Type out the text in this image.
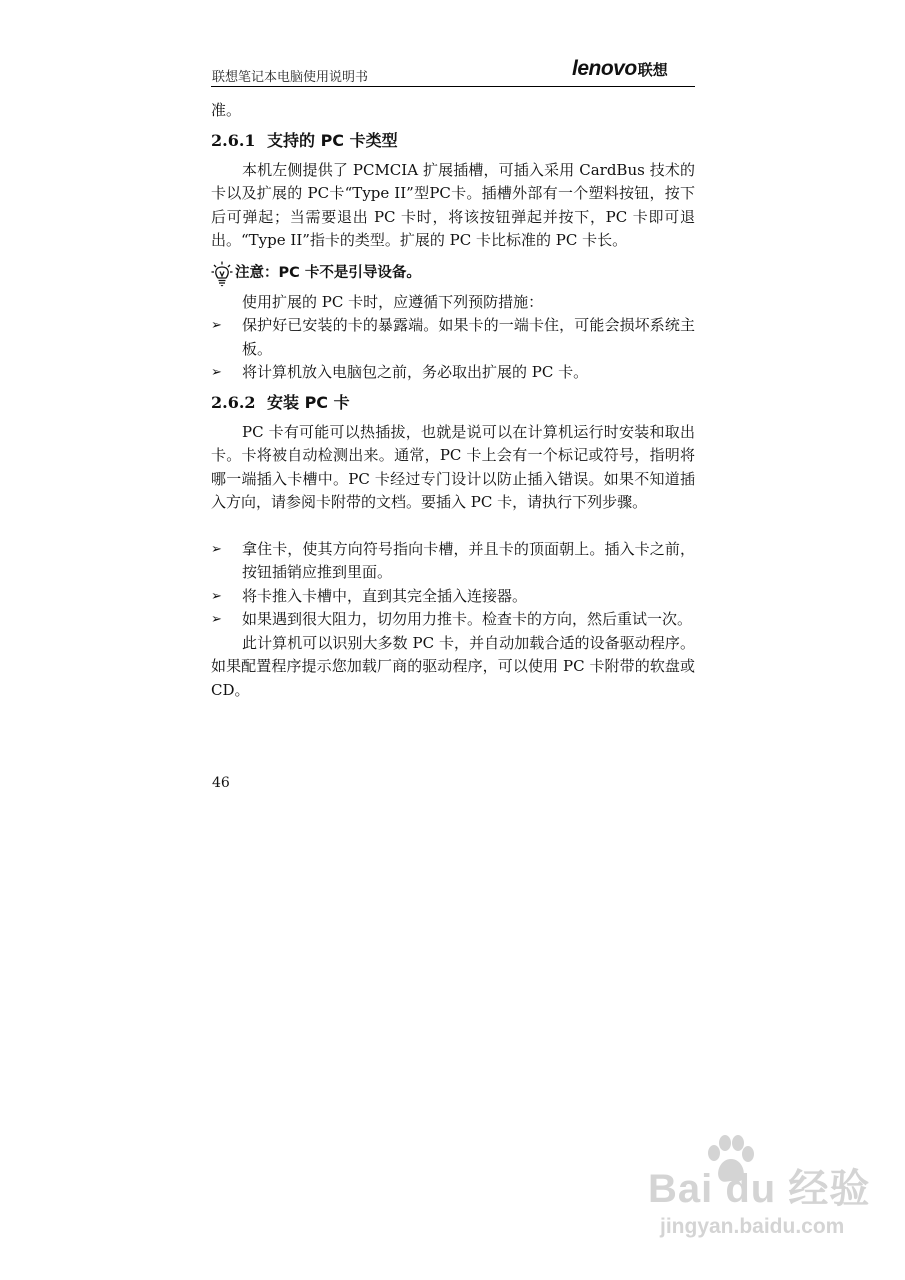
联想笔记本电脑使用说明书	lenovo联想

准。

2.6.1 支持的 PC 卡类型

本机左侧提供了 PCMCIA 扩展插槽，可插入采用 CardBus 技术的卡以及扩展的 PC卡“Type II”型PC卡。插槽外部有一个塑料按钮，按下后可弹起；当需要退出 PC 卡时，将该按钮弹起并按下，PC 卡即可退出。“Type II”指卡的类型。扩展的 PC 卡比标准的 PC 卡长。

注意：PC 卡不是引导设备。

使用扩展的 PC 卡时，应遵循下列预防措施：

➢ 保护好已安装的卡的暴露端。如果卡的一端卡住，可能会损坏系统主板。
➢ 将计算机放入电脑包之前，务必取出扩展的 PC 卡。
2.6.2 安装 PC 卡

PC 卡有可能可以热插拔，也就是说可以在计算机运行时安装和取出卡。卡将被自动检测出来。通常，PC 卡上会有一个标记或符号，指明将哪一端插入卡槽中。PC 卡经过专门设计以防止插入错误。如果不知道插入方向，请参阅卡附带的文档。要插入 PC 卡，请执行下列步骤。

➢ 拿住卡，使其方向符号指向卡槽，并且卡的顶面朝上。插入卡之前，按钮插销应推到里面。
➢ 将卡推入卡槽中，直到其完全插入连接器。
➢ 如果遇到很大阻力，切勿用力推卡。检查卡的方向，然后重试一次。

此计算机可以识别大多数 PC 卡，并自动加载合适的设备驱动程序。如果配置程序提示您加载厂商的驱动程序，可以使用 PC 卡附带的软盘或 CD。

46
Bai du 经验
jingyan.baidu.com
